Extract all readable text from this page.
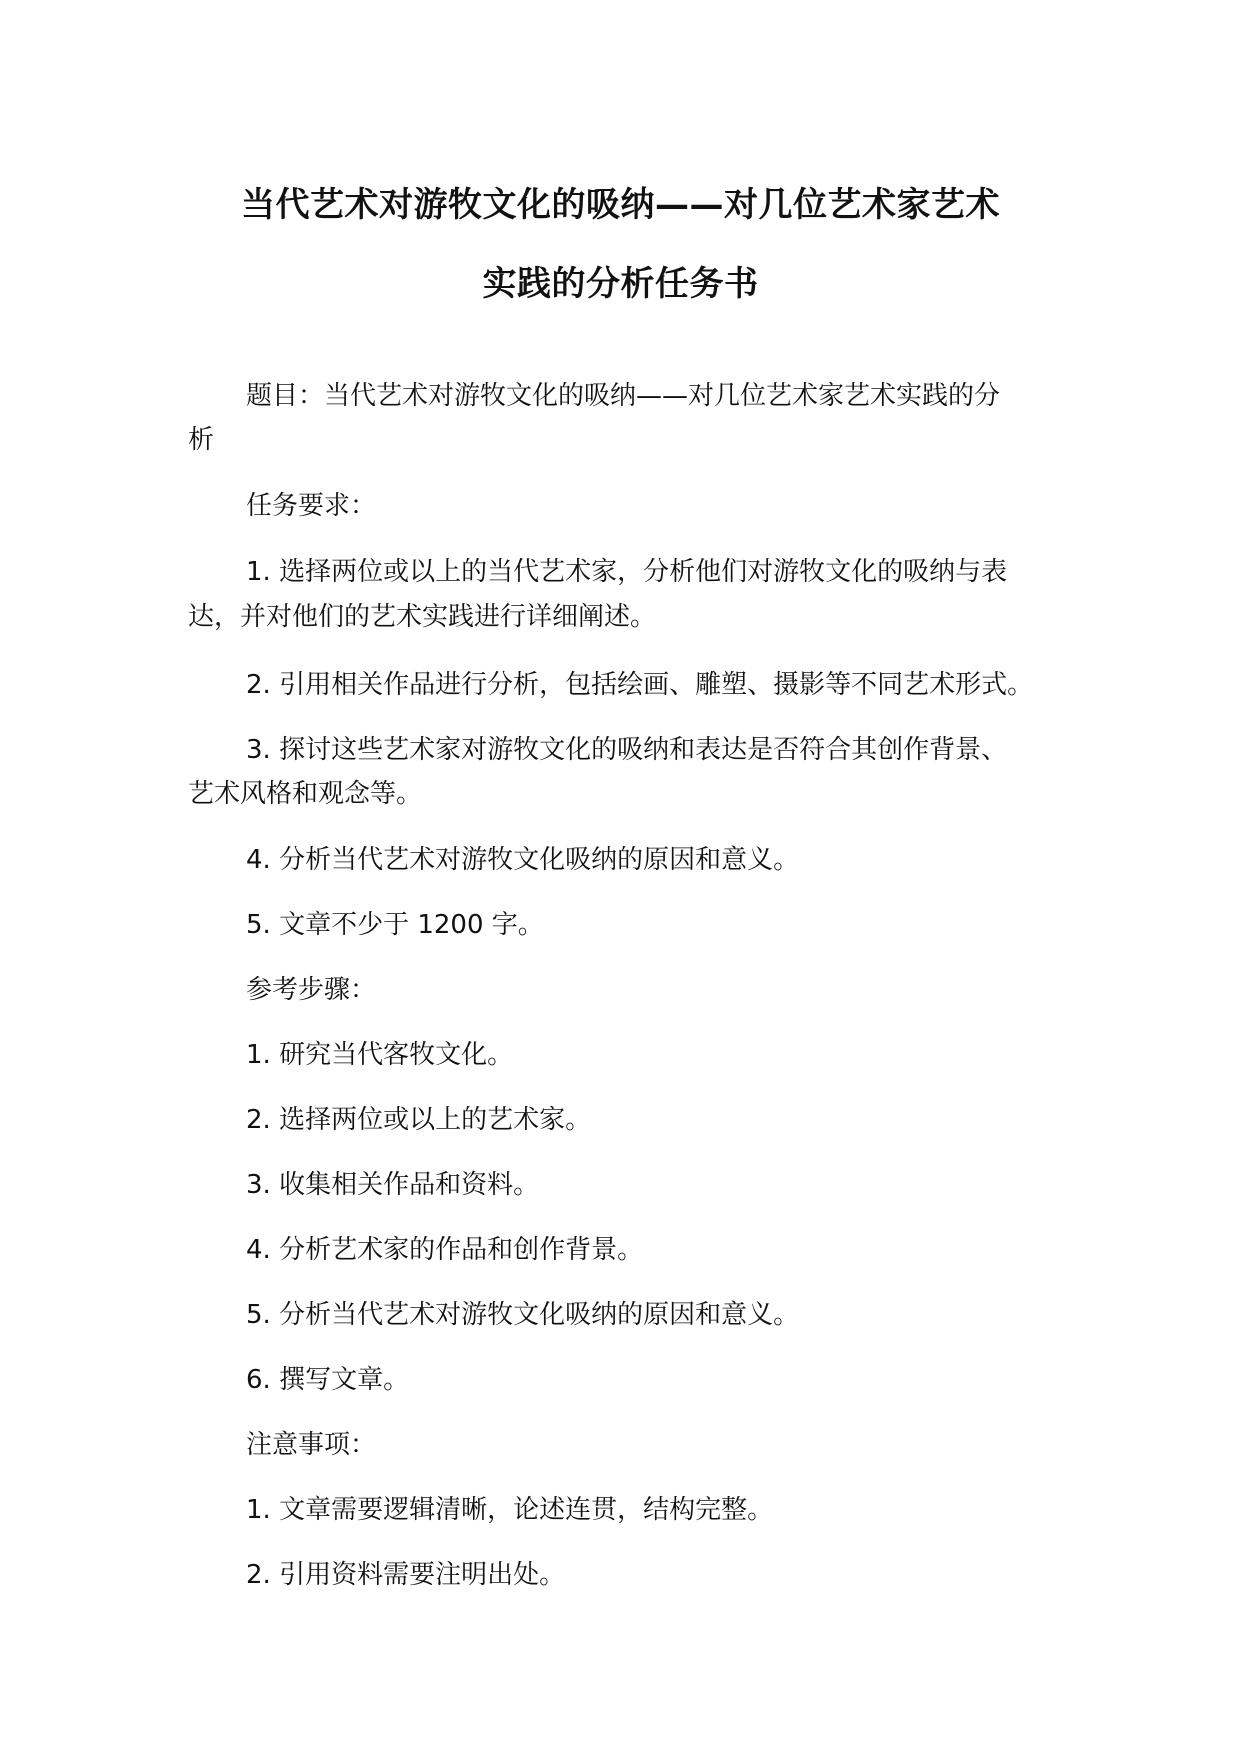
当代艺术对游牧文化的吸纳——对几位艺术家艺术
实践的分析任务书
题目：当代艺术对游牧文化的吸纳——对几位艺术家艺术实践的分
析
任务要求：
1. 选择两位或以上的当代艺术家，分析他们对游牧文化的吸纳与表
达，并对他们的艺术实践进行详细阐述。
2. 引用相关作品进行分析，包括绘画、雕塑、摄影等不同艺术形式。
3. 探讨这些艺术家对游牧文化的吸纳和表达是否符合其创作背景、
艺术风格和观念等。
4. 分析当代艺术对游牧文化吸纳的原因和意义。
5. 文章不少于 1200 字。
参考步骤：
1. 研究当代客牧文化。
2. 选择两位或以上的艺术家。
3. 收集相关作品和资料。
4. 分析艺术家的作品和创作背景。
5. 分析当代艺术对游牧文化吸纳的原因和意义。
6. 撰写文章。
注意事项：
1. 文章需要逻辑清晰，论述连贯，结构完整。
2. 引用资料需要注明出处。
